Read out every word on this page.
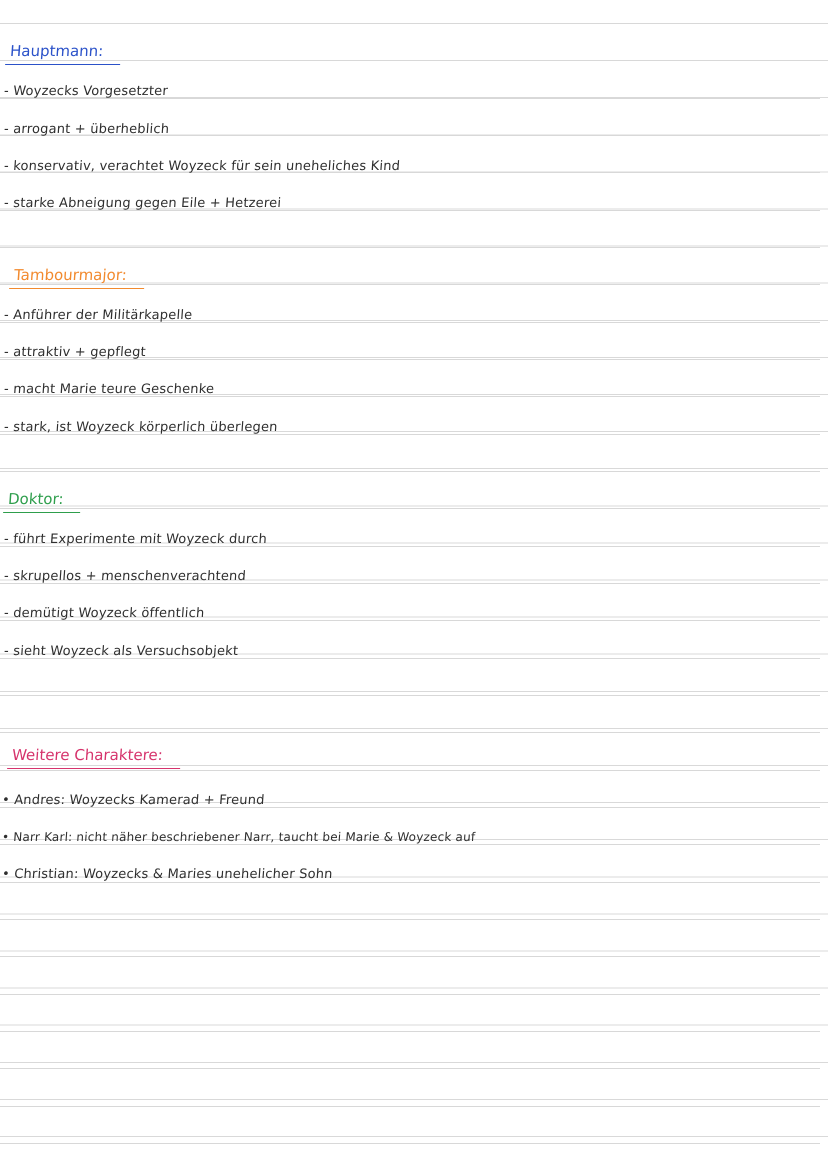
Hauptmann:
- Woyzecks Vorgesetzter
- arrogant + überheblich
- konservativ, verachtet Woyzeck für sein uneheliches Kind
- starke Abneigung gegen Eile + Hetzerei
Tambourmajor:
- Anführer der Militärkapelle
- attraktiv + gepflegt
- macht Marie teure Geschenke
- stark, ist Woyzeck körperlich überlegen
Doktor:
- führt Experimente mit Woyzeck durch
- skrupellos + menschenverachtend
- demütigt Woyzeck öffentlich
- sieht Woyzeck als Versuchsobjekt
Weitere Charaktere:
• Andres: Woyzecks Kamerad + Freund
• Narr Karl: nicht näher beschriebener Narr, taucht bei Marie & Woyzeck auf
• Christian: Woyzecks & Maries unehelicher Sohn
